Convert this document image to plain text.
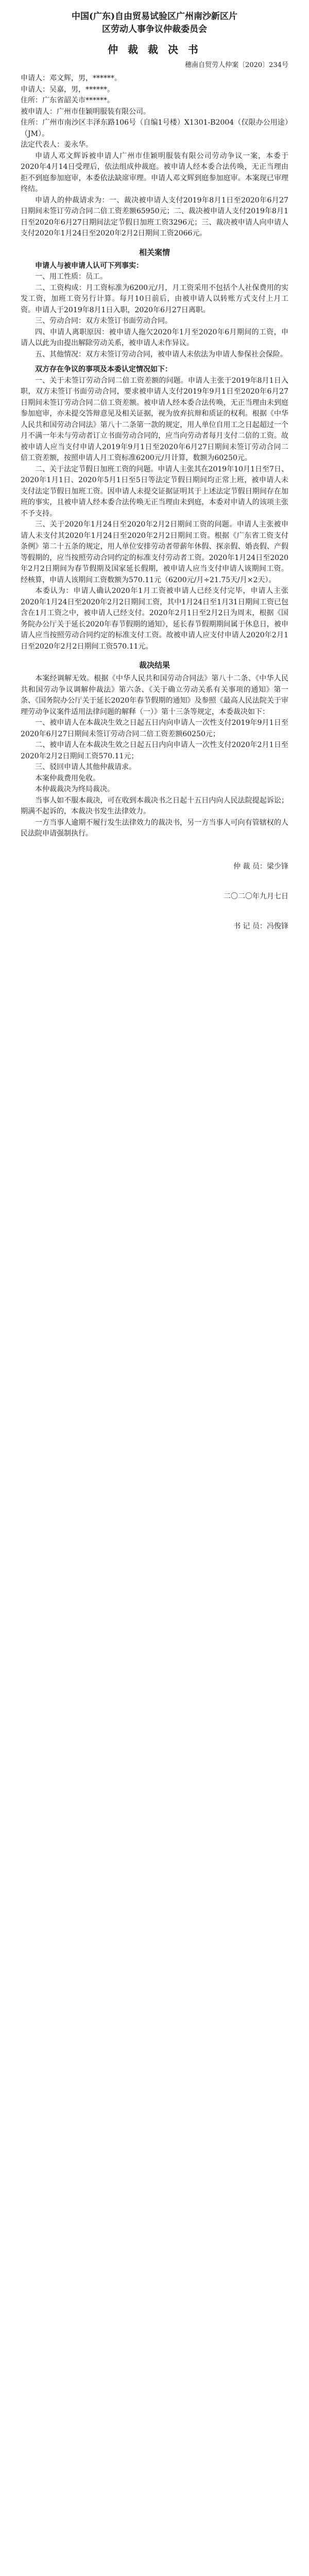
中国(广东)自由贸易试验区广州南沙新区片
区劳动人事争议仲裁委员会
仲 裁 裁 决 书
穗南自贸劳人仲案〔2020〕234号

申请人：邓文辉，男，******。

申请人：吴嘉，男，******。

住所：广东省韶关市******。

被申请人：广州市佳颖明服装有限公司。

住所：广州市南沙区丰泽东路106号（自编1号楼）X1301-B2004（仅限办公用途）（JM）。

法定代表人：姜永华。

申请人邓文辉诉被申请人广州市佳颖明服装有限公司劳动争议一案，本委于2020年4月14日受理后，依法组成仲裁庭。被申请人经本委合法传唤，无正当理由拒不到庭参加庭审，本委依法缺席审理。申请人邓文辉到庭参加庭审。本案现已审理终结。

申请人的仲裁请求为：一、裁决被申请人支付2019年8月1日至2020年6月27日期间未签订劳动合同二倍工资差额65950元；二、裁决被申请人支付2019年8月1日至2020年6月27日期间法定节假日加班工资3296元；三、裁决被申请人向申请人支付2020年1月24日至2020年2月2日期间工资2066元。

相关案情

申请人与被申请人认可下列事实：

一、用工性质：员工。

二、工资构成：月工资标准为6200元/月，月工资采用不包括个人社保费用的实发工资，加班工资另行计算。每月10日前后，由被申请人以转账方式支付上月工资。申请人于2019年8月1日入职，2020年6月27日离职。

三、劳动合同：双方未签订书面劳动合同。

四、申请人离职原因：被申请人拖欠2020年1月至2020年6月期间的工资，申请人以此为由提出解除劳动关系，被申请人未作异议。

五、其他情况：双方未签订劳动合同，被申请人未依法为申请人参保社会保险。

双方存在争议的事项及本委认定情况如下：

一、关于未签订劳动合同二倍工资差额的问题。申请人主张于2019年8月1日入职，双方未签订书面劳动合同，要求被申请人支付2019年9月1日至2020年6月27日期间未签订劳动合同二倍工资差额。被申请人经本委合法传唤，无正当理由未到庭参加庭审，亦未提交答辩意见及相关证据，视为放弃抗辩和质证的权利。根据《中华人民共和国劳动合同法》第八十二条第一款的规定，用人单位自用工之日起超过一个月不满一年未与劳动者订立书面劳动合同的，应当向劳动者每月支付二倍的工资。故被申请人应当支付申请人2019年9月1日至2020年6月27日期间未签订劳动合同二倍工资差额，按照申请人月工资标准6200元/月计算，数额为60250元。

二、关于法定节假日加班工资的问题。申请人主张其在2019年10月1日至7日、2020年1月1日、2020年5月1日至5日等法定节假日期间均正常上班，被申请人未支付法定节假日加班工资。因申请人未提交证据证明其于上述法定节假日期间存在加班的事实，且被申请人经本委合法传唤无正当理由未到庭，本委对申请人的该项主张不予支持。

三、关于2020年1月24日至2020年2月2日期间工资的问题。申请人主张被申请人未支付其2020年1月24日至2020年2月2日期间工资。根据《广东省工资支付条例》第二十五条的规定，用人单位安排劳动者带薪年休假、探亲假、婚丧假、产假等假期的，应当按照劳动合同约定的标准支付劳动者工资。2020年1月24日至2020年2月2日期间为春节假期及国家延长假期，被申请人应当支付申请人该期间工资。经核算，申请人该期间工资数额为570.11元（6200元/月÷21.75天/月×2天）。

本委认为：申请人确认2020年1月工资被申请人已经支付完毕，申请人主张2020年1月24日至2020年2月2日期间工资，其中1月24日至1月31日期间工资已包含在1月工资之中，被申请人已经支付。2020年2月1日至2月2日为周末，根据《国务院办公厅关于延长2020年春节假期的通知》，延长春节假期期间属于休息日，被申请人应当按照劳动合同约定的标准支付工资。故被申请人应支付申请人2020年2月1日至2020年2月2日期间工资570.11元。

裁决结果

本案经调解无效。根据《中华人民共和国劳动合同法》第八十二条、《中华人民共和国劳动争议调解仲裁法》第六条、《关于确立劳动关系有关事项的通知》第一条、《国务院办公厅关于延长2020年春节假期的通知》及参照《最高人民法院关于审理劳动争议案件适用法律问题的解释（一）》第十三条等规定，本委裁决如下：

一、被申请人在本裁决生效之日起五日内向申请人一次性支付2019年9月1日至2020年6月27日期间未签订劳动合同二倍工资差额60250元；

二、被申请人在本裁决生效之日起五日内向申请人一次性支付2020年2月1日至2020年2月2日期间工资570.11元；

三、驳回申请人其他仲裁请求。

本案仲裁费用免收。

本仲裁裁决为终局裁决。

当事人如不服本裁决，可在收到本裁决书之日起十五日内向人民法院提起诉讼；期满不起诉的，本裁决书发生法律效力。

一方当事人逾期不履行发生法律效力的裁决书，另一方当事人可向有管辖权的人民法院申请强制执行。

仲 裁 员：梁少锋

二〇二〇年九月七日

书 记 员：冯俊锋
